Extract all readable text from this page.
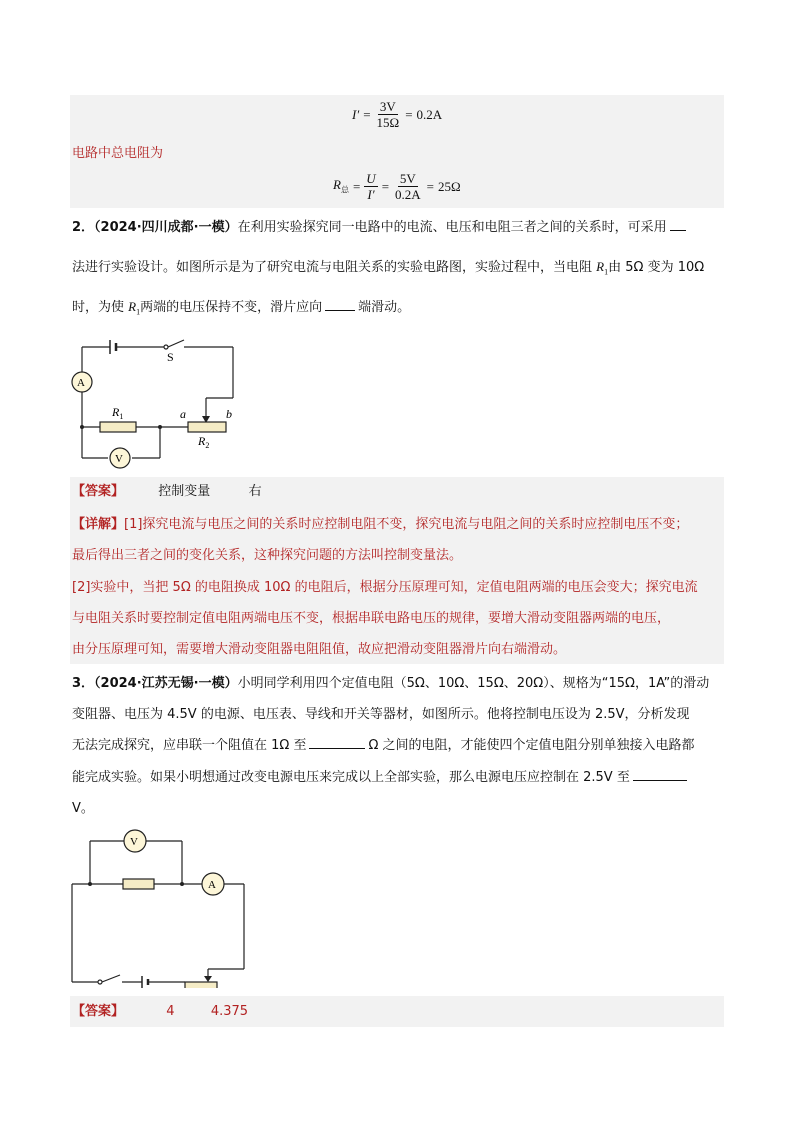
$I' = \frac{3V}{15\Omega} = 0.2A$
电路中总电阻为
$R_总 = \frac{U}{I'} = \frac{5V}{0.2A} = 25\Omega$
2．（2024·四川成都·一模）在利用实验探究同一电路中的电流、电压和电阻三者之间的关系时，可采用
法进行实验设计。如图所示是为了研究电流与电阻关系的实验电路图，实验过程中，当电阻 $R_1$由 5Ω 变为 10Ω
时，为使 $R_1$两端的电压保持不变，滑片应向	端滑动。
S
A
V
$R_1$
$R_2$
a	b
【答案】	控制变量	右
【详解】[1]探究电流与电压之间的关系时应控制电阻不变，探究电流与电阻之间的关系时应控制电压不变；
最后得出三者之间的变化关系，这种探究问题的方法叫控制变量法。
[2]实验中，当把 5Ω 的电阻换成 10Ω 的电阻后，根据分压原理可知，定值电阻两端的电压会变大；探究电流
与电阻关系时要控制定值电阻两端电压不变，根据串联电路电压的规律，要增大滑动变阻器两端的电压，
由分压原理可知，需要增大滑动变阻器电阻阻值，故应把滑动变阻器滑片向右端滑动。
3．（2024·江苏无锡·一模）小明同学利用四个定值电阻（5Ω、10Ω、15Ω、20Ω）、规格为“15Ω，1A”的滑动
变阻器、电压为 4.5V 的电源、电压表、导线和开关等器材，如图所示。他将控制电压设为 2.5V，分析发现
无法完成探究，应串联一个阻值在 1Ω 至	Ω 之间的电阻，才能使四个定值电阻分别单独接入电路都
能完成实验。如果小明想通过改变电源电压来完成以上全部实验，那么电源电压应控制在 2.5V 至
V。
V
A
【答案】	4	4.375
